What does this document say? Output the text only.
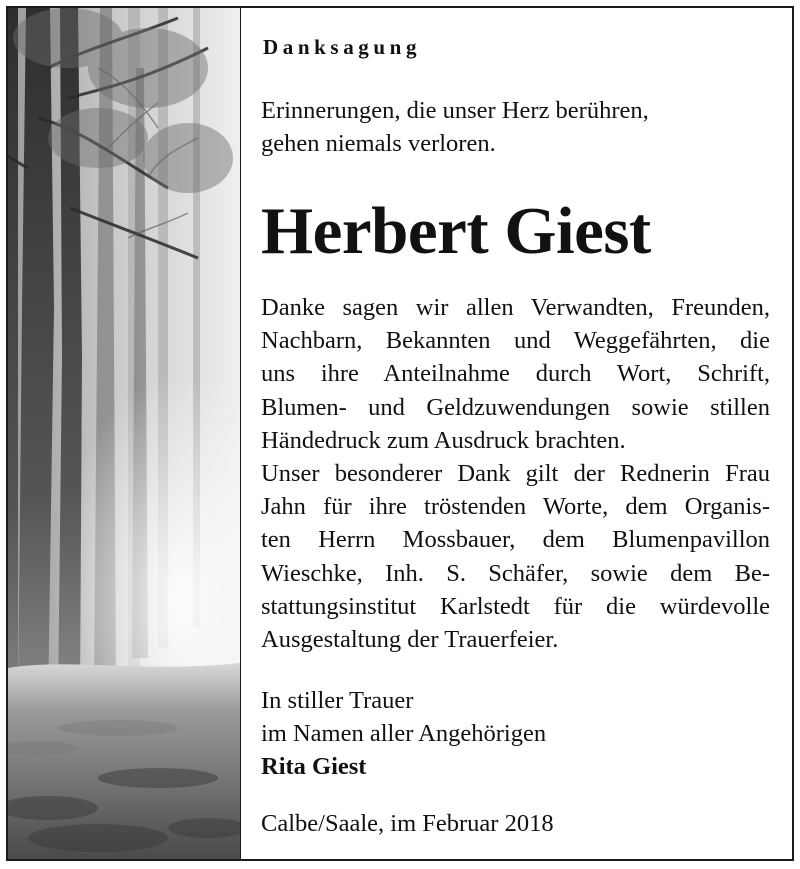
Danksagung

Erinnerungen, die unser Herz berühren,
gehen niemals verloren.

Herbert Giest

Danke sagen wir allen Verwandten, Freunden,
Nachbarn, Bekannten und Weggefährten, die
uns ihre Anteilnahme durch Wort, Schrift,
Blumen- und Geldzuwendungen sowie stillen
Händedruck zum Ausdruck brachten.
Unser besonderer Dank gilt der Rednerin Frau
Jahn für ihre tröstenden Worte, dem Organis-
ten Herrn Mossbauer, dem Blumenpavillon
Wieschke, Inh. S. Schäfer, sowie dem Be-
stattungsinstitut Karlstedt für die würdevolle
Ausgestaltung der Trauerfeier.

In stiller Trauer
im Namen aller Angehörigen
Rita Giest

Calbe/Saale, im Februar 2018
